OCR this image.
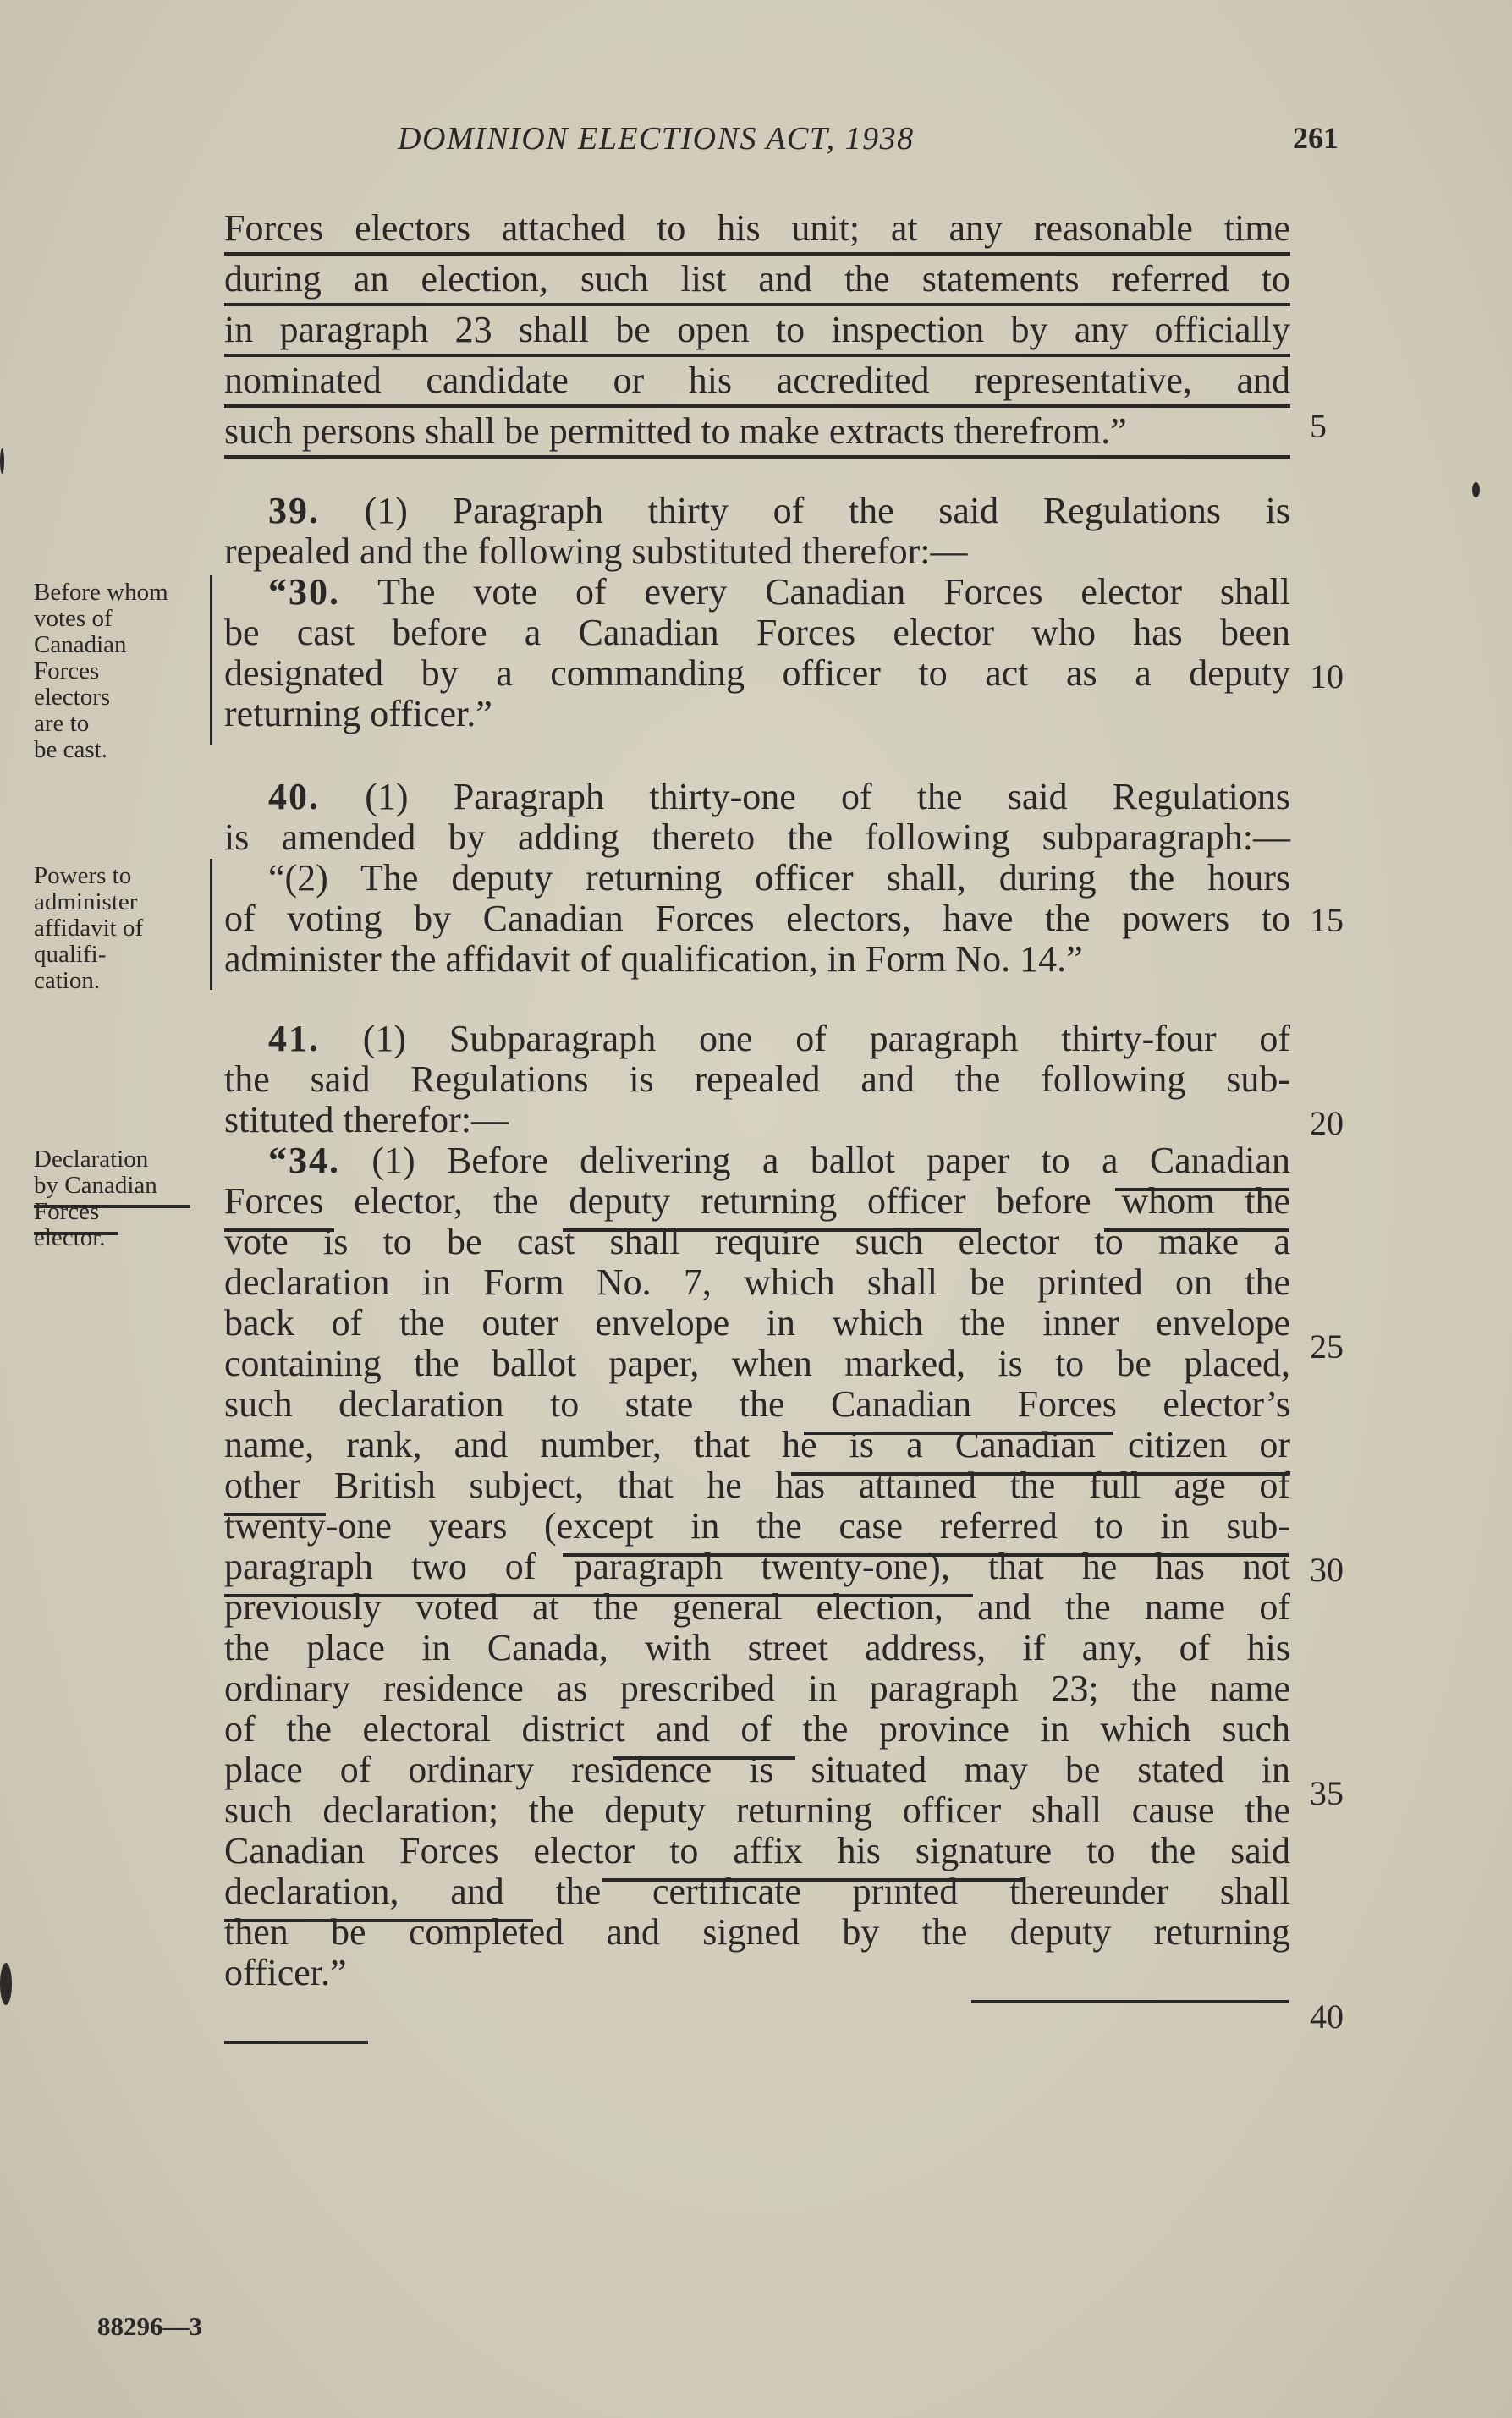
DOMINION ELECTIONS ACT, 1938	261
Forces electors attached to his unit; at any reasonable time
during an election, such list and the statements referred to
in paragraph 23 shall be open to inspection by any officially
nominated candidate or his accredited representative, and
such persons shall be permitted to make extracts therefrom.”	5
39. (1) Paragraph thirty of the said Regulations is
repealed and the following substituted therefor:—
“30. The vote of every Canadian Forces elector shall
be cast before a Canadian Forces elector who has been
designated by a commanding officer to act as a deputy
returning officer.”
10
Before whom
votes of
Canadian
Forces
electors
are to
be cast.
40. (1) Paragraph thirty-one of the said Regulations
is amended by adding thereto the following subparagraph:—
“(2) The deputy returning officer shall, during the hours
of voting by Canadian Forces electors, have the powers to
administer the affidavit of qualification, in Form No. 14.”
15
Powers to
administer
affidavit of
qualifi-
cation.
41. (1) Subparagraph one of paragraph thirty-four of
the said Regulations is repealed and the following sub-
stituted therefor:—
“34. (1) Before delivering a ballot paper to a Canadian
Forces elector, the deputy returning officer before whom the
vote is to be cast shall require such elector to make a
declaration in Form No. 7, which shall be printed on the
back of the outer envelope in which the inner envelope
containing the ballot paper, when marked, is to be placed,
such declaration to state the Canadian Forces elector’s
name, rank, and number, that he is a Canadian citizen or
other British subject, that he has attained the full age of
twenty-one years (except in the case referred to in sub-
paragraph two of paragraph twenty-one), that he has not
previously voted at the general election, and the name of
the place in Canada, with street address, if any, of his
ordinary residence as prescribed in paragraph 23; the name
of the electoral district and of the province in which such
place of ordinary residence is situated may be stated in
such declaration; the deputy returning officer shall cause the
Canadian Forces elector to affix his signature to the said
declaration, and the certificate printed thereunder shall
then be completed and signed by the deputy returning
officer.”
20
25
30
35
40
Declaration
by Canadian
Forces
elector.
88296—3
